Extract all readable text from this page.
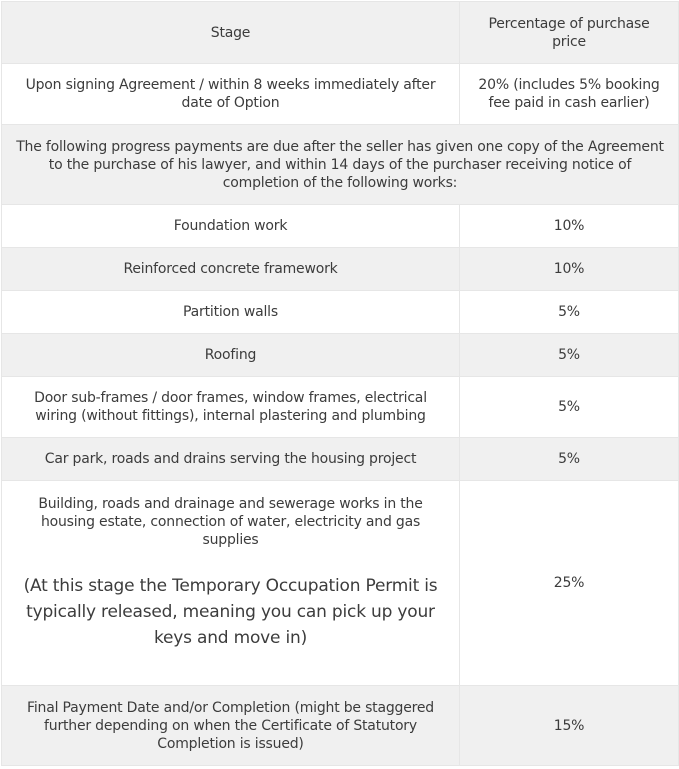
Stage	Percentage of purchase price
Upon signing Agreement / within 8 weeks immediately after date of Option	20% (includes 5% booking fee paid in cash earlier)
The following progress payments are due after the seller has given one copy of the Agreement to the purchase of his lawyer, and within 14 days of the purchaser receiving notice of completion of the following works:	
Foundation work	10%
Reinforced concrete framework	10%
Partition walls	5%
Roofing	5%
Door sub-frames / door frames, window frames, electrical wiring (without fittings), internal plastering and plumbing	5%
Car park, roads and drains serving the housing project	5%
Building, roads and drainage and sewerage works in the housing estate, connection of water, electricity and gas supplies
(At this stage the Temporary Occupation Permit is typically released, meaning you can pick up your keys and move in)	25%
Final Payment Date and/or Completion (might be staggered further depending on when the Certificate of Statutory Completion is issued)	15%
